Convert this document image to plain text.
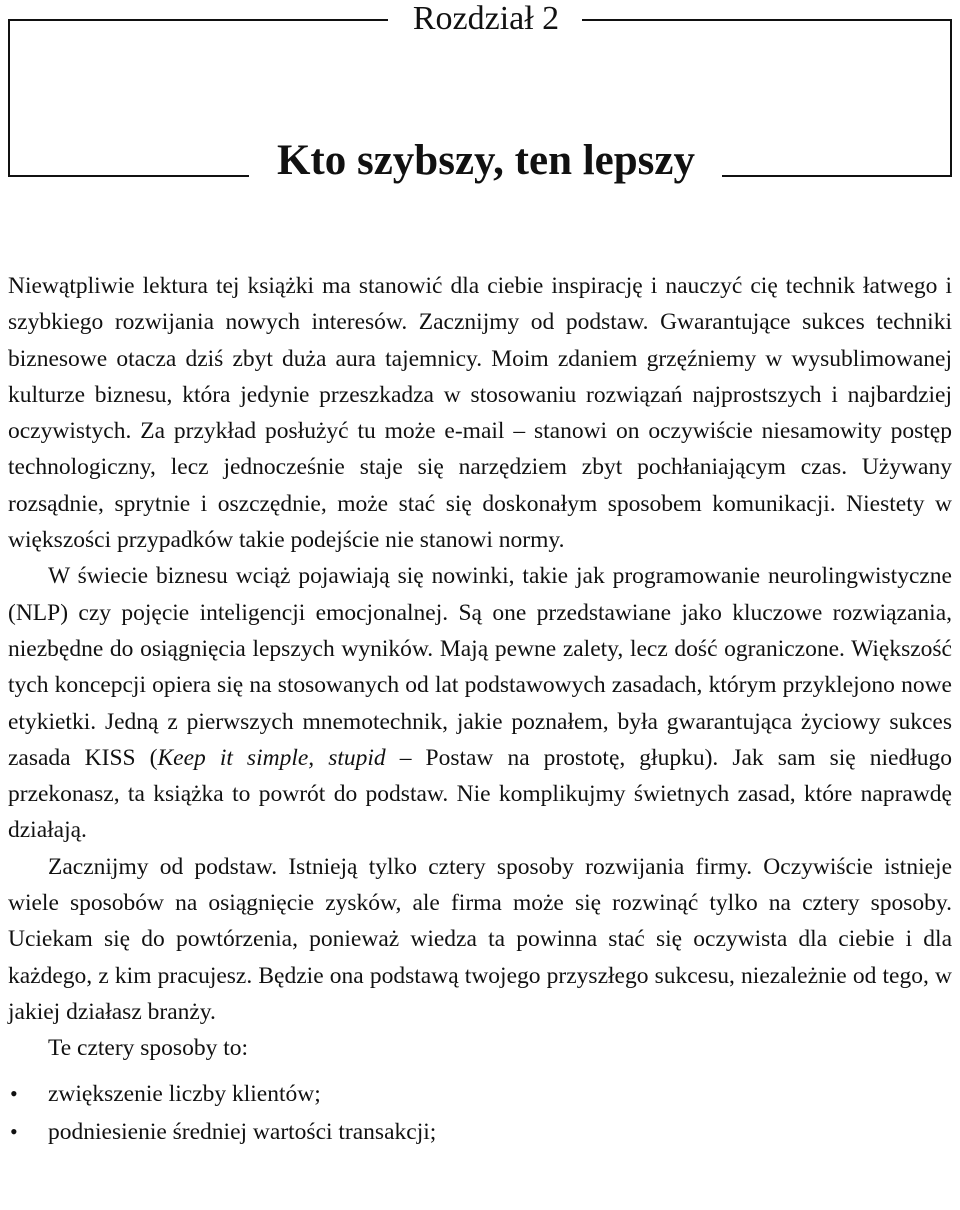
Rozdział 2
Kto szybszy, ten lepszy

Niewątpliwie lektura tej książki ma stanowić dla ciebie inspirację i nauczyć cię technik łatwego i szybkiego rozwijania nowych interesów. Zacznijmy od podstaw. Gwarantujące sukces techniki biznesowe otacza dziś zbyt duża aura tajemnicy. Moim zdaniem grzęźniemy w wysublimowanej kulturze biznesu, która jedynie przeszkadza w stosowaniu rozwiązań najprostszych i najbardziej oczywistych. Za przykład posłużyć tu może e-mail – stanowi on oczywiście niesamowity postęp technologiczny, lecz jednocześnie staje się narzędziem zbyt pochłaniającym czas. Używany rozsądnie, sprytnie i oszczędnie, może stać się doskonałym sposobem komunikacji. Niestety w większości przypadków takie podejście nie stanowi normy.

W świecie biznesu wciąż pojawiają się nowinki, takie jak programowanie neurolingwistyczne (NLP) czy pojęcie inteligencji emocjonalnej. Są one przedstawiane jako kluczowe rozwiązania, niezbędne do osiągnięcia lepszych wyników. Mają pewne zalety, lecz dość ograniczone. Większość tych koncepcji opiera się na stosowanych od lat podstawowych zasadach, którym przyklejono nowe etykietki. Jedną z pierwszych mnemotechnik, jakie poznałem, była gwarantująca życiowy sukces zasada KISS (Keep it simple, stupid – Postaw na prostotę, głupku). Jak sam się niedługo przekonasz, ta książka to powrót do podstaw. Nie komplikujmy świetnych zasad, które naprawdę działają.

Zacznijmy od podstaw. Istnieją tylko cztery sposoby rozwijania firmy. Oczywiście istnieje wiele sposobów na osiągnięcie zysków, ale firma może się rozwinąć tylko na cztery sposoby. Uciekam się do powtórzenia, ponieważ wiedza ta powinna stać się oczywista dla ciebie i dla każdego, z kim pracujesz. Będzie ona podstawą twojego przyszłego sukcesu, niezależnie od tego, w jakiej działasz branży.

Te cztery sposoby to:

• zwiększenie liczby klientów;
• podniesienie średniej wartości transakcji;
